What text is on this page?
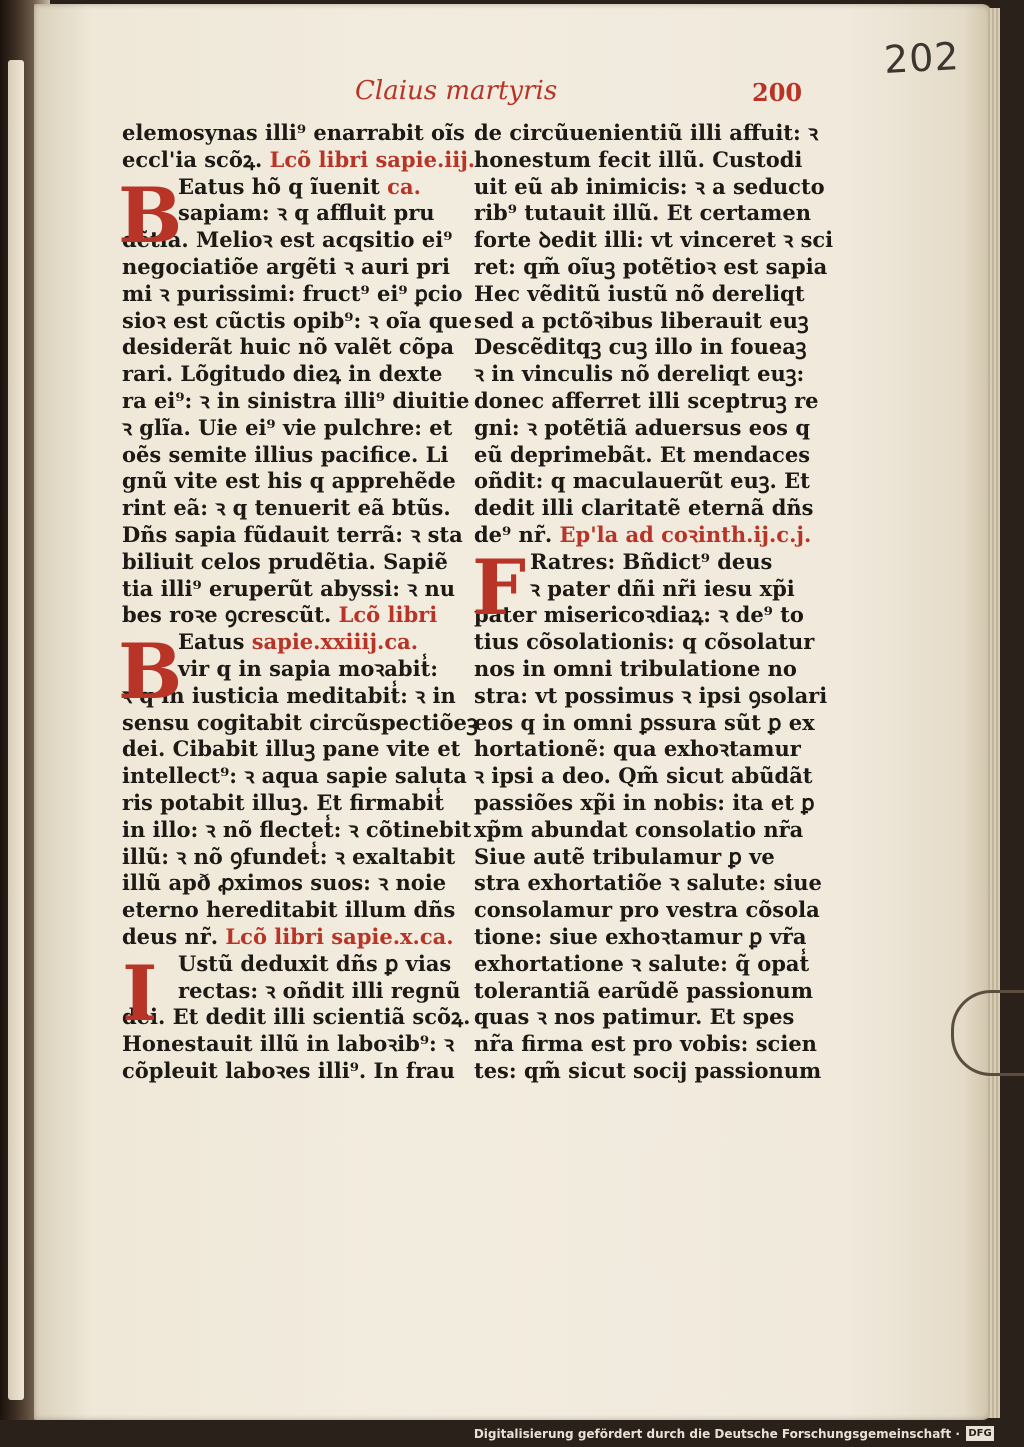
202
Claius martyris	200
elemosynas illi⁹ enarrabit oĩs
eccl'ia scõꝝ. Lcõ libri sapie.iij.
Eatus hõ q ĩuenit ca.
sapiam: ꝛ q affluit pru
dẽtia. Melioꝛ est acqsitio ei⁹
negociatiõe argẽti ꝛ auri pri
mi ꝛ purissimi: fruct⁹ ei⁹ ꝑcio
sioꝛ est cũctis opib⁹: ꝛ oĩa que
desiderãt huic nõ valẽt cõpa
rari. Lõgitudo dieꝝ in dexte
ra ei⁹: ꝛ in sinistra illi⁹ diuitie
ꝛ glĩa. Uie ei⁹ vie pulchre: et
oẽs semite illius pacifice. Li
gnũ vite est his q apprehẽde
rint eã: ꝛ q tenuerit eã btũs.
Dñs sapia fũdauit terrã: ꝛ sta
biliuit celos prudẽtia. Sapiẽ
tia illi⁹ eruperũt abyssi: ꝛ nu
bes roꝛe ꝯcrescũt. Lcõ libri
Eatus sapie.xxiiij.ca.
vir q in sapia moꝛabit̾:
ꝛ q in iusticia meditabit̾: ꝛ in
sensu cogitabit circũspectiõeꝫ
dei. Cibabit illuꝫ pane vite et
intellect⁹: ꝛ aqua sapie saluta
ris potabit illuꝫ. Et firmabit̾
in illo: ꝛ nõ flectet̾: ꝛ cõtinebit
illũ: ꝛ nõ ꝯfundet̾: ꝛ exaltabit
illũ apð ꝓximos suos: ꝛ noie
eterno hereditabit illum dñs
deus nr̃. Lcõ libri sapie.x.ca.
Ustũ deduxit dñs ꝑ vias
rectas: ꝛ oñdit illi regnũ
dei. Et dedit illi scientiã scõꝝ.
Honestauit illũ in laboꝛib⁹: ꝛ
cõpleuit laboꝛes illi⁹. In frau
de circũuenientiũ illi affuit: ꝛ
honestum fecit illũ. Custodi
uit eũ ab inimicis: ꝛ a seducto
rib⁹ tutauit illũ. Et certamen
forte ꝺedit illi: vt vinceret ꝛ sci
ret: qm̃ oĩuꝫ potẽtioꝛ est sapia
Hec vẽditũ iustũ nõ dereliqt
sed a pctõꝛibus liberauit euꝫ
Descẽditqꝫ cuꝫ illo in foueaꝫ
ꝛ in vinculis nõ dereliqt euꝫ:
donec afferret illi sceptruꝫ re
gni: ꝛ potẽtiã aduersus eos q
eũ deprimebãt. Et mendaces
oñdit: q maculauerũt euꝫ. Et
dedit illi claritatẽ eternã dñs
de⁹ nr̃. Ep'la ad coꝛinth.ij.c.j.
Ratres: Bñdict⁹ deus
ꝛ pater dñi nr̃i iesu xp̃i
pater misericoꝛdiaꝝ: ꝛ de⁹ to
tius cõsolationis: q cõsolatur
nos in omni tribulatione no
stra: vt possimus ꝛ ipsi ꝯsolari
eos q in omni ꝑssura sũt ꝑ ex
hortationẽ: qua exhoꝛtamur
ꝛ ipsi a deo. Qm̃ sicut abũdãt
passiões xp̃i in nobis: ita et ꝑ
xp̃m abundat consolatio nr̃a
Siue autẽ tribulamur ꝑ ve
stra exhortatiõe ꝛ salute: siue
consolamur pro vestra cõsola
tione: siue exhoꝛtamur ꝑ vr̃a
exhortatione ꝛ salute: q̃ opat̾
tolerantiã earũdẽ passionum
quas ꝛ nos patimur. Et spes
nr̃a firma est pro vobis: scien
tes: qm̃ sicut socij passionum
B
B
I
F
Digitalisierung gefördert durch die Deutsche Forschungsgemeinschaft · DFG
